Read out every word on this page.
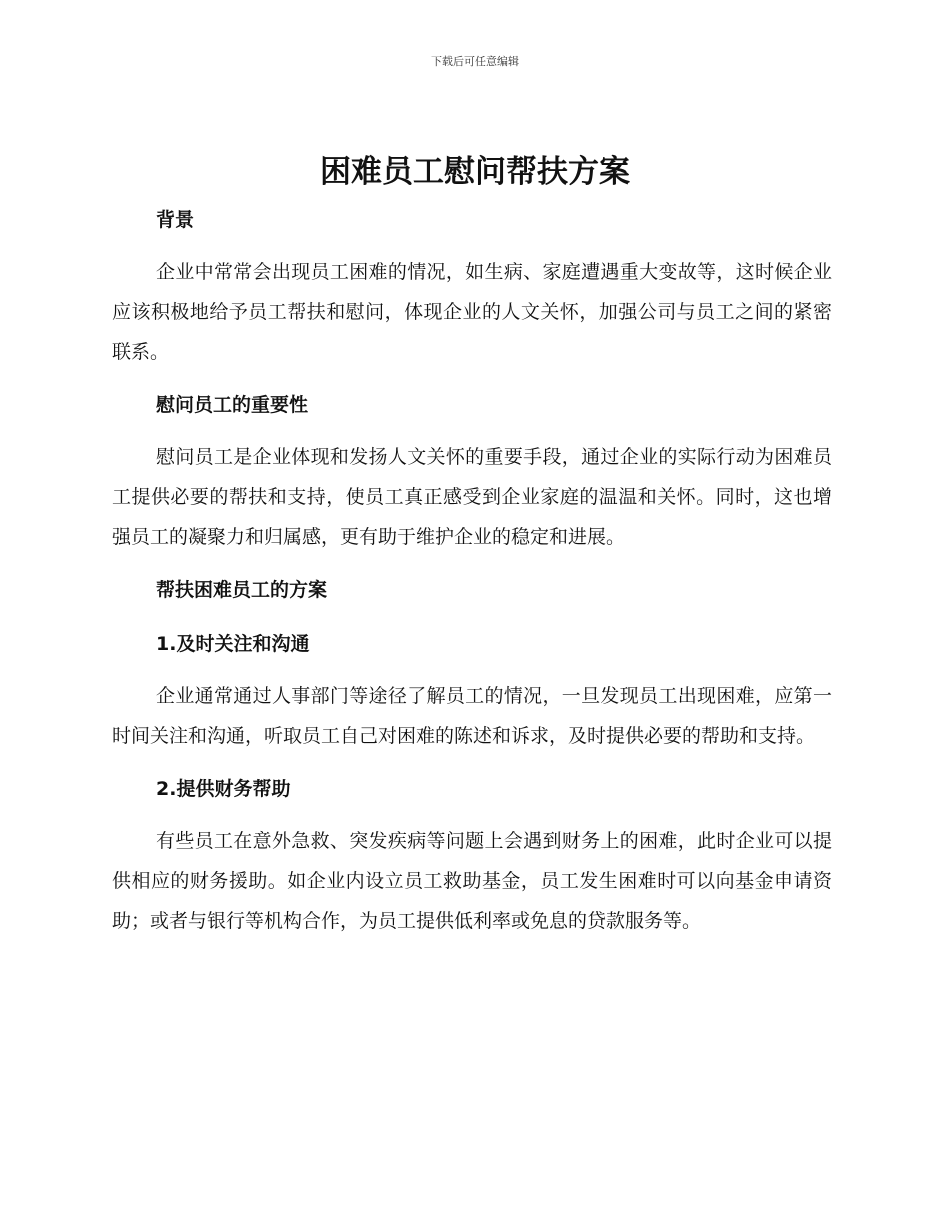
下载后可任意编辑
困难员工慰问帮扶方案
背景

企业中常常会出现员工困难的情况，如生病、家庭遭遇重大变故等，这时候企业应该积极地给予员工帮扶和慰问，体现企业的人文关怀，加强公司与员工之间的紧密联系。

慰问员工的重要性

慰问员工是企业体现和发扬人文关怀的重要手段，通过企业的实际行动为困难员工提供必要的帮扶和支持，使员工真正感受到企业家庭的温温和关怀。同时，这也增强员工的凝聚力和归属感，更有助于维护企业的稳定和进展。

帮扶困难员工的方案
1.及时关注和沟通

企业通常通过人事部门等途径了解员工的情况，一旦发现员工出现困难，应第一时间关注和沟通，听取员工自己对困难的陈述和诉求，及时提供必要的帮助和支持。

2.提供财务帮助

有些员工在意外急救、突发疾病等问题上会遇到财务上的困难，此时企业可以提供相应的财务援助。如企业内设立员工救助基金，员工发生困难时可以向基金申请资助；或者与银行等机构合作，为员工提供低利率或免息的贷款服务等。
